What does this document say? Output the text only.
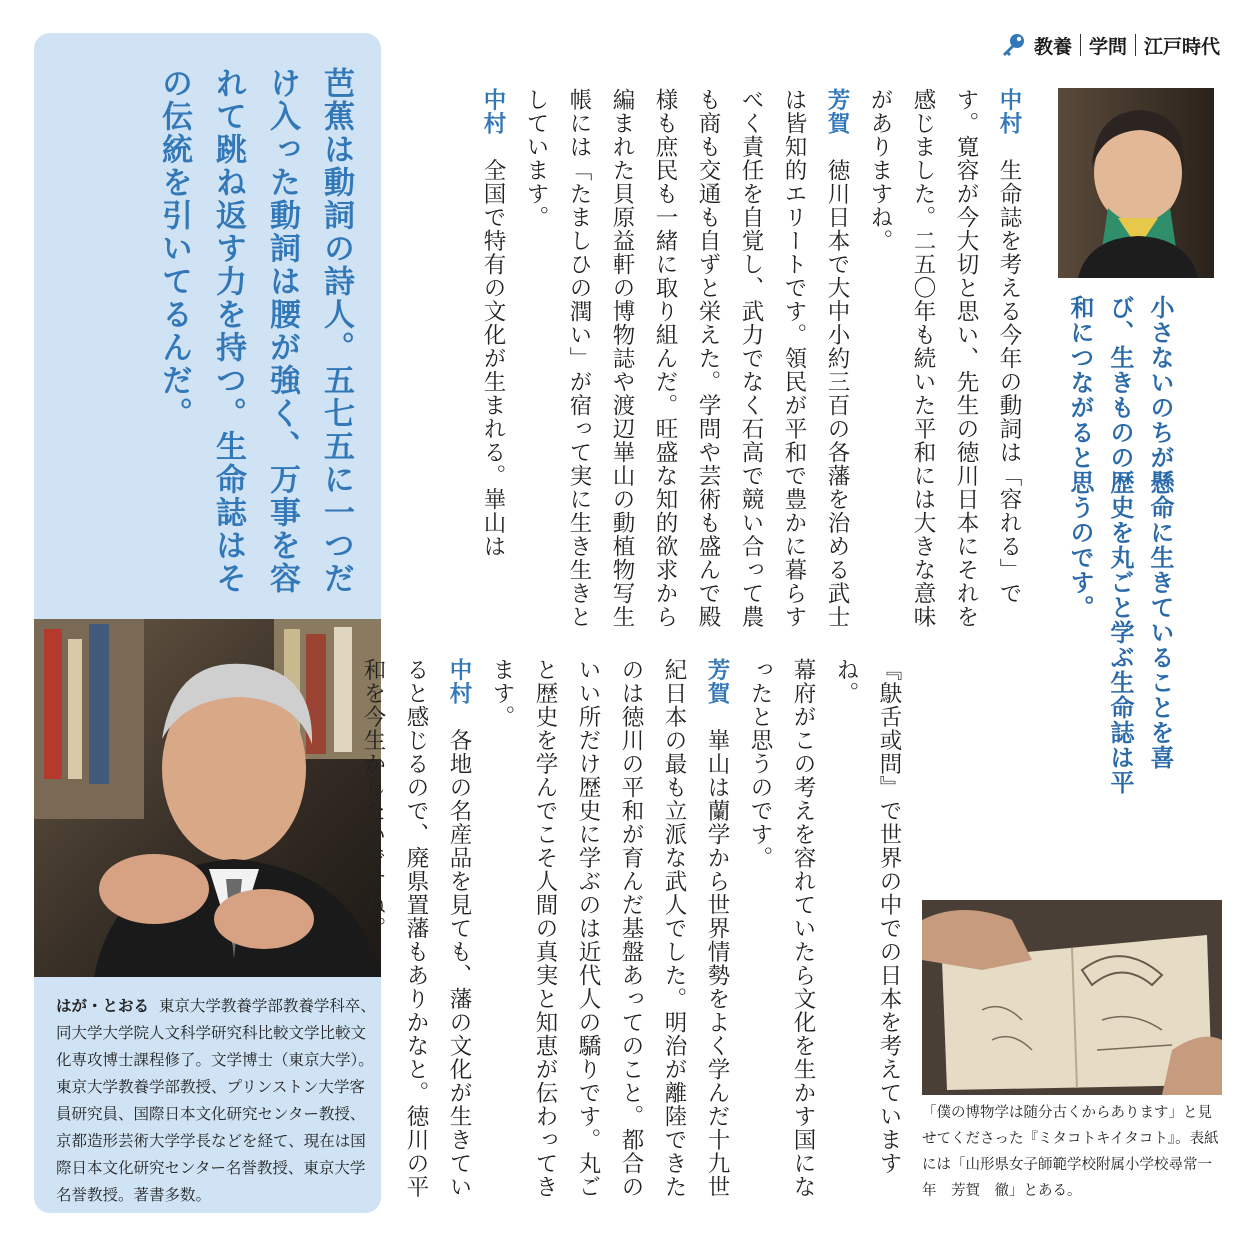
教養 学問 江戸時代
芭蕉は動詞の詩人。五七五に一つだけ入った動詞は腰が強く、万事を容れて跳ね返す力を持つ。生命誌はその伝統を引いてるんだ。
はが・とおる 東京大学教養学部教養学科卒、同大学大学院人文科学研究科比較文学比較文化専攻博士課程修了。文学博士（東京大学）。東京大学教養学部教授、プリンストン大学客員研究員、国際日本文化研究センター教授、京都造形芸術大学学長などを経て、現在は国際日本文化研究センター名誉教授、東京大学名誉教授。著書多数。

中村　生命誌を考える今年の動詞は「容れる」です。寛容が今大切と思い、先生の徳川日本にそれを感じました。二五〇年も続いた平和には大きな意味がありますね。

芳賀　徳川日本で大中小約三百の各藩を治める武士は皆知的エリートです。領民が平和で豊かに暮らすべく責任を自覚し、武力でなく石高で競い合って農も商も交通も自ずと栄えた。学問や芸術も盛んで殿様も庶民も一緒に取り組んだ。旺盛な知的欲求から編まれた貝原益軒の博物誌や渡辺崋山の動植物写生帳には「たましひの潤い」が宿って実に生き生きとしています。

中村　全国で特有の文化が生まれる。崋山は

『鴃舌或問』で世界の中での日本を考えていますね。

幕府がこの考えを容れていたら文化を生かす国になったと思うのです。

芳賀　崋山は蘭学から世界情勢をよく学んだ十九世紀日本の最も立派な武人でした。明治が離陸できたのは徳川の平和が育んだ基盤あってのこと。都合のいい所だけ歴史に学ぶのは近代人の驕りです。丸ごと歴史を学んでこそ人間の真実と知恵が伝わってきます。

中村　各地の名産品を見ても、藩の文化が生きていると感じるので、廃県置藩もありかなと。徳川の平和を今生かしたいですね。

小さないのちが懸命に生きていることを喜び、生きものの歴史を丸ごと学ぶ生命誌は平和につながると思うのです。
「僕の博物学は随分古くからあります」と見せてくださった『ミタコトキイタコト』。表紙には「山形県女子師範学校附属小学校尋常一年　芳賀　徹」とある。
